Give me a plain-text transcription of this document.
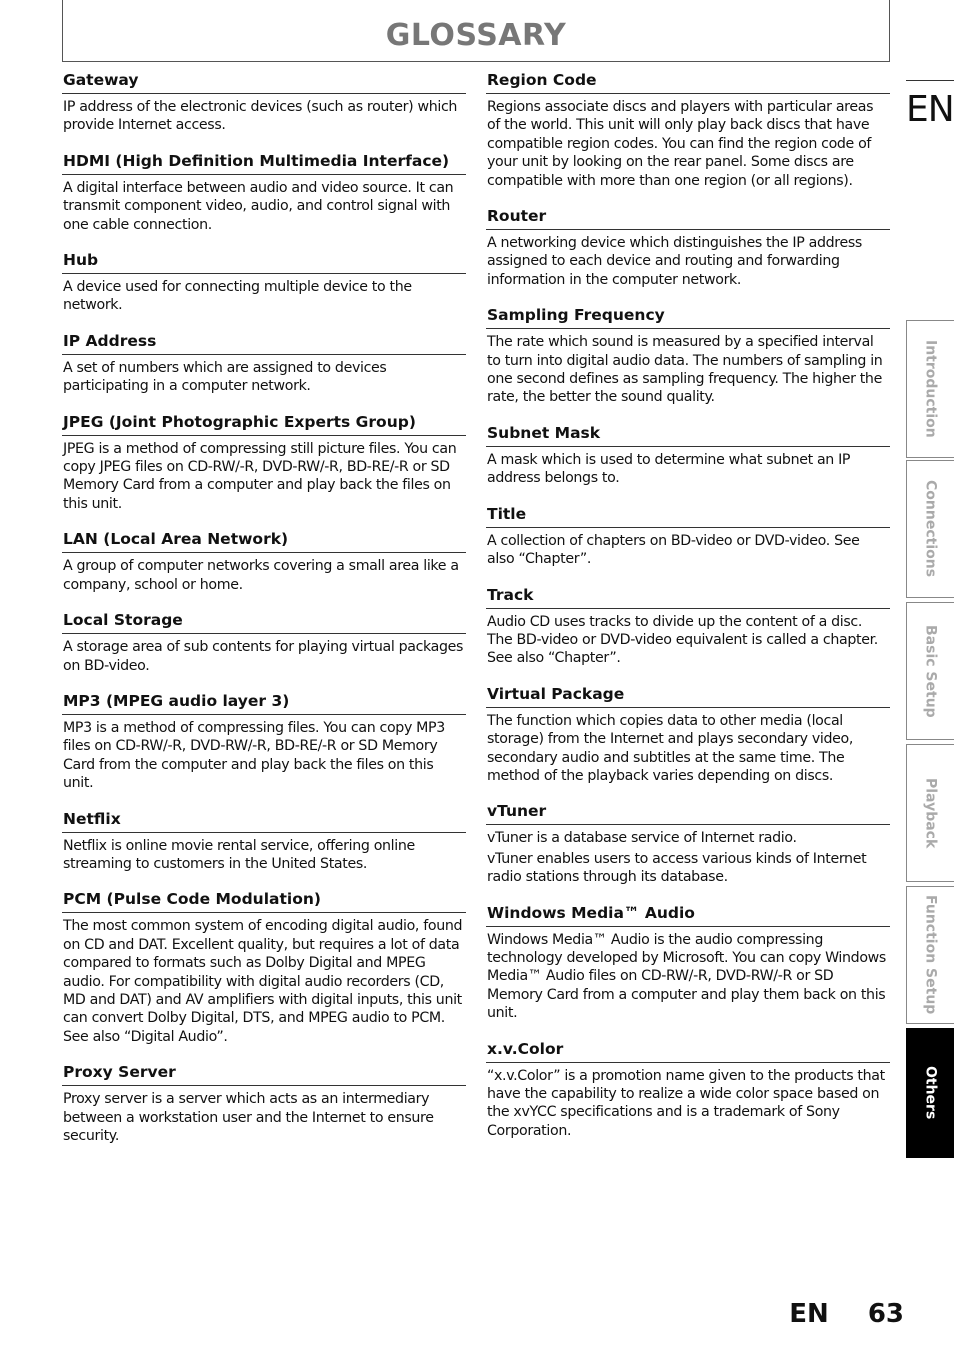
GLOSSARY
Gateway

IP address of the electronic devices (such as router) which provide Internet access.

HDMI (High Definition Multimedia Interface)

A digital interface between audio and video source. It can transmit component video, audio, and control signal with one cable connection.

Hub

A device used for connecting multiple device to the network.

IP Address

A set of numbers which are assigned to devices participating in a computer network.

JPEG (Joint Photographic Experts Group)

JPEG is a method of compressing still picture files. You can copy JPEG files on CD-RW/-R, DVD-RW/-R, BD-RE/-R or SD Memory Card from a computer and play back the files on this unit.

LAN (Local Area Network)

A group of computer networks covering a small area like a company, school or home.

Local Storage

A storage area of sub contents for playing virtual packages on BD-video.

MP3 (MPEG audio layer 3)

MP3 is a method of compressing files. You can copy MP3 files on CD-RW/-R, DVD-RW/-R, BD-RE/-R or SD Memory Card from the computer and play back the files on this unit.

Netflix

Netflix is online movie rental service, offering online streaming to customers in the United States.

PCM (Pulse Code Modulation)

The most common system of encoding digital audio, found on CD and DAT. Excellent quality, but requires a lot of data compared to formats such as Dolby Digital and MPEG audio. For compatibility with digital audio recorders (CD, MD and DAT) and AV amplifiers with digital inputs, this unit can convert Dolby Digital, DTS, and MPEG audio to PCM. See also “Digital Audio”.

Proxy Server

Proxy server is a server which acts as an intermediary between a workstation user and the Internet to ensure security.

Region Code

Regions associate discs and players with particular areas of the world. This unit will only play back discs that have compatible region codes. You can find the region code of your unit by looking on the rear panel. Some discs are compatible with more than one region (or all regions).

Router

A networking device which distinguishes the IP address assigned to each device and routing and forwarding information in the computer network.

Sampling Frequency

The rate which sound is measured by a specified interval to turn into digital audio data. The numbers of sampling in one second defines as sampling frequency. The higher the rate, the better the sound quality.

Subnet Mask

A mask which is used to determine what subnet an IP address belongs to.

Title

A collection of chapters on BD-video or DVD-video. See also “Chapter”.

Track

Audio CD uses tracks to divide up the content of a disc. The BD-video or DVD-video equivalent is called a chapter. See also “Chapter”.

Virtual Package

The function which copies data to other media (local storage) from the Internet and plays secondary video, secondary audio and subtitles at the same time. The method of the playback varies depending on discs.

vTuner

vTuner is a database service of Internet radio.

vTuner enables users to access various kinds of Internet radio stations through its database.

Windows Media™ Audio

Windows Media™ Audio is the audio compressing technology developed by Microsoft. You can copy Windows Media™ Audio files on CD-RW/-R, DVD-RW/-R or SD Memory Card from a computer and play them back on this unit.

x.v.Color

“x.v.Color” is a promotion name given to the products that have the capability to realize a wide color space based on the xvYCC specifications and is a trademark of Sony Corporation.

EN
Introduction
Connections
Basic Setup
Playback
Function Setup
Others
EN 63
